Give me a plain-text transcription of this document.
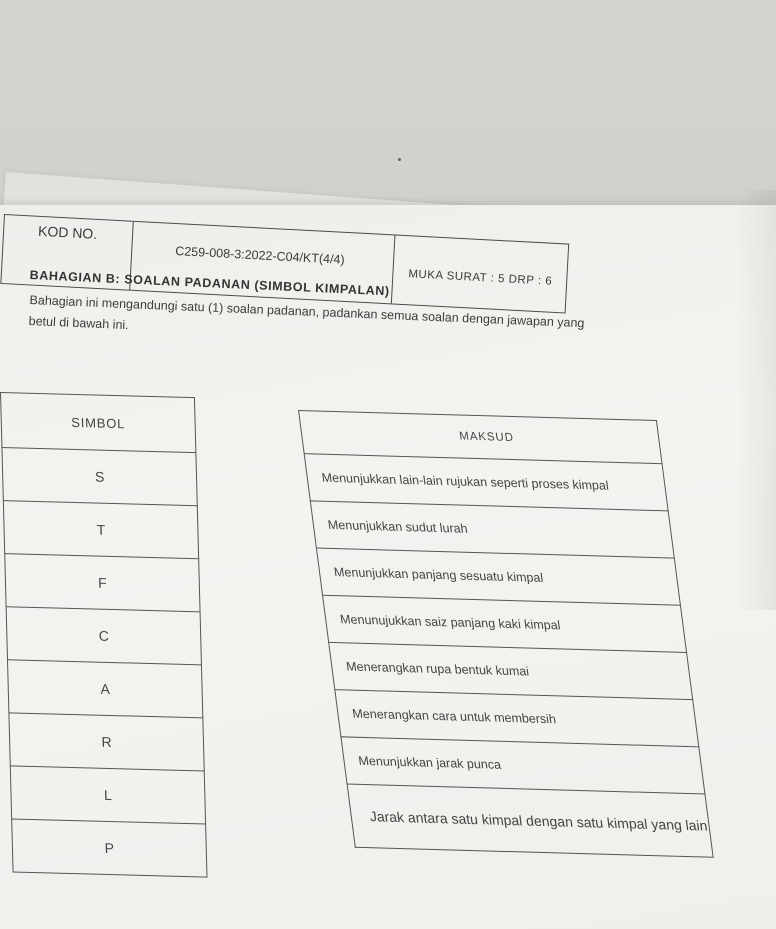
KOD NO.
C259-008-3:2022-C04/KT(4/4)
MUKA SURAT : 5 DRP : 6
BAHAGIAN B: SOALAN PADANAN (SIMBOL KIMPALAN)
Bahagian ini mengandungi satu (1) soalan padanan, padankan semua soalan dengan jawapan yang betul di bawah ini.
SIMBOL
S
T
F
C
A
R
L
P
MAKSUD
Menunjukkan lain-lain rujukan seperti proses kimpal
Menunjukkan sudut lurah
Menunjukkan panjang sesuatu kimpal
Menunujukkan saiz panjang kaki kimpal
Menerangkan rupa bentuk kumai
Menerangkan cara untuk membersih
Menunjukkan jarak punca
Jarak antara satu kimpal dengan satu kimpal yang lain
